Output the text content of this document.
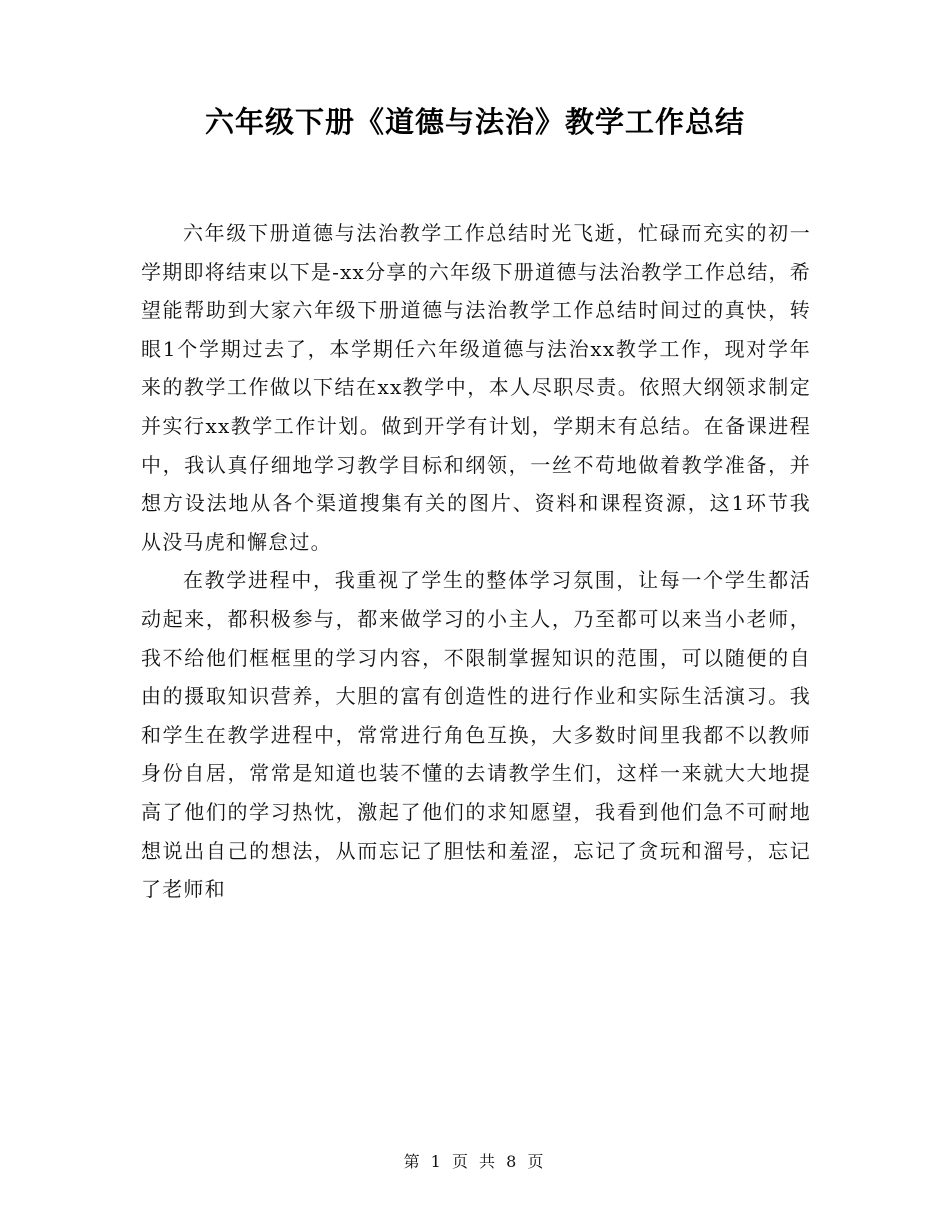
六年级下册《道德与法治》教学工作总结

六年级下册道德与法治教学工作总结时光飞逝，忙碌而充实的初一学期即将结束以下是-xx分享的六年级下册道德与法治教学工作总结，希望能帮助到大家六年级下册道德与法治教学工作总结时间过的真快，转眼1个学期过去了，本学期任六年级道德与法治xx教学工作，现对学年来的教学工作做以下结在xx教学中，本人尽职尽责。依照大纲领求制定并实行xx教学工作计划。做到开学有计划，学期末有总结。在备课进程中，我认真仔细地学习教学目标和纲领，一丝不苟地做着教学准备，并想方设法地从各个渠道搜集有关的图片、资料和课程资源，这1环节我从没马虎和懈怠过。

在教学进程中，我重视了学生的整体学习氛围，让每一个学生都活动起来，都积极参与，都来做学习的小主人，乃至都可以来当小老师，我不给他们框框里的学习内容，不限制掌握知识的范围，可以随便的自由的摄取知识营养，大胆的富有创造性的进行作业和实际生活演习。我和学生在教学进程中，常常进行角色互换，大多数时间里我都不以教师身份自居，常常是知道也装不懂的去请教学生们，这样一来就大大地提高了他们的学习热忱，激起了他们的求知愿望，我看到他们急不可耐地想说出自己的想法，从而忘记了胆怯和羞涩，忘记了贪玩和溜号，忘记了老师和

第 1 页 共 8 页
